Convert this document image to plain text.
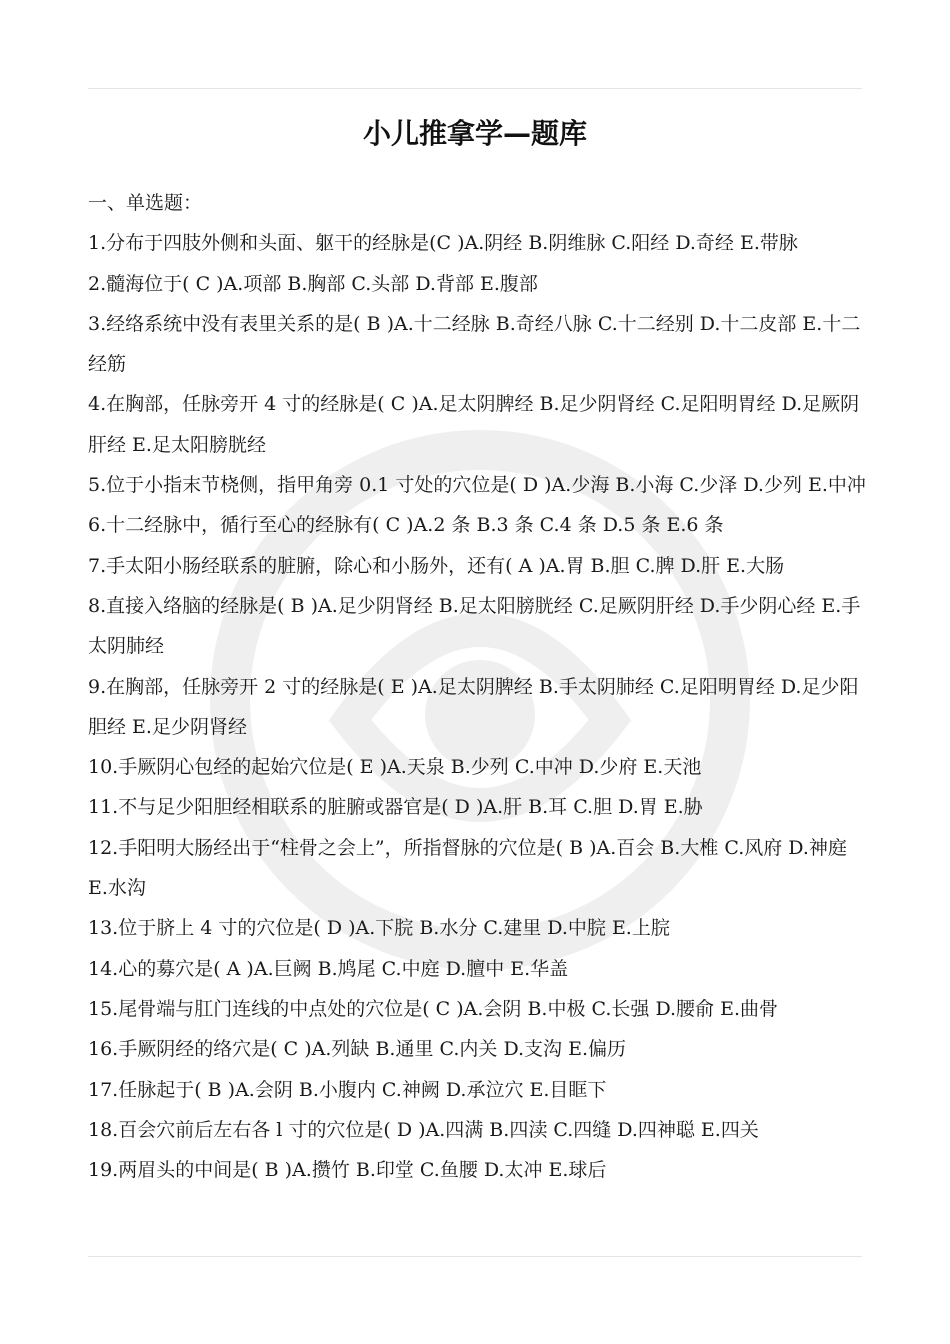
小儿推拿学—题库

一、单选题：

1.分布于四肢外侧和头面、躯干的经脉是(C )A.阴经 B.阴维脉 C.阳经 D.奇经 E.带脉

2.髓海位于( C )A.项部 B.胸部 C.头部 D.背部 E.腹部

3.经络系统中没有表里关系的是( B )A.十二经脉 B.奇经八脉 C.十二经别 D.十二皮部 E.十二经筋

4.在胸部，任脉旁开 4 寸的经脉是( C )A.足太阴脾经 B.足少阴肾经 C.足阳明胃经 D.足厥阴肝经 E.足太阳膀胱经

5.位于小指末节桡侧，指甲角旁 0.1 寸处的穴位是( D )A.少海 B.小海 C.少泽 D.少列 E.中冲

6.十二经脉中，循行至心的经脉有( C )A.2 条 B.3 条 C.4 条 D.5 条 E.6 条

7.手太阳小肠经联系的脏腑，除心和小肠外，还有( A )A.胃 B.胆 C.脾 D.肝 E.大肠

8.直接入络脑的经脉是( B )A.足少阴肾经 B.足太阳膀胱经 C.足厥阴肝经 D.手少阴心经 E.手太阴肺经

9.在胸部，任脉旁开 2 寸的经脉是( E )A.足太阴脾经 B.手太阴肺经 C.足阳明胃经 D.足少阳胆经 E.足少阴肾经

10.手厥阴心包经的起始穴位是( E )A.天泉 B.少列 C.中冲 D.少府 E.天池

11.不与足少阳胆经相联系的脏腑或器官是( D )A.肝 B.耳 C.胆 D.胃 E.胁

12.手阳明大肠经出于“柱骨之会上”，所指督脉的穴位是( B )A.百会 B.大椎 C.风府 D.神庭 E.水沟

13.位于脐上 4 寸的穴位是( D )A.下脘 B.水分 C.建里 D.中脘 E.上脘

14.心的募穴是( A )A.巨阙 B.鸠尾 C.中庭 D.膻中 E.华盖

15.尾骨端与肛门连线的中点处的穴位是( C )A.会阴 B.中极 C.长强 D.腰俞 E.曲骨

16.手厥阴经的络穴是( C )A.列缺 B.通里 C.内关 D.支沟 E.偏历

17.任脉起于( B )A.会阴 B.小腹内 C.神阙 D.承泣穴 E.目眶下

18.百会穴前后左右各 l 寸的穴位是( D )A.四满 B.四渎 C.四缝 D.四神聪 E.四关

19.两眉头的中间是( B )A.攒竹 B.印堂 C.鱼腰 D.太冲 E.球后
